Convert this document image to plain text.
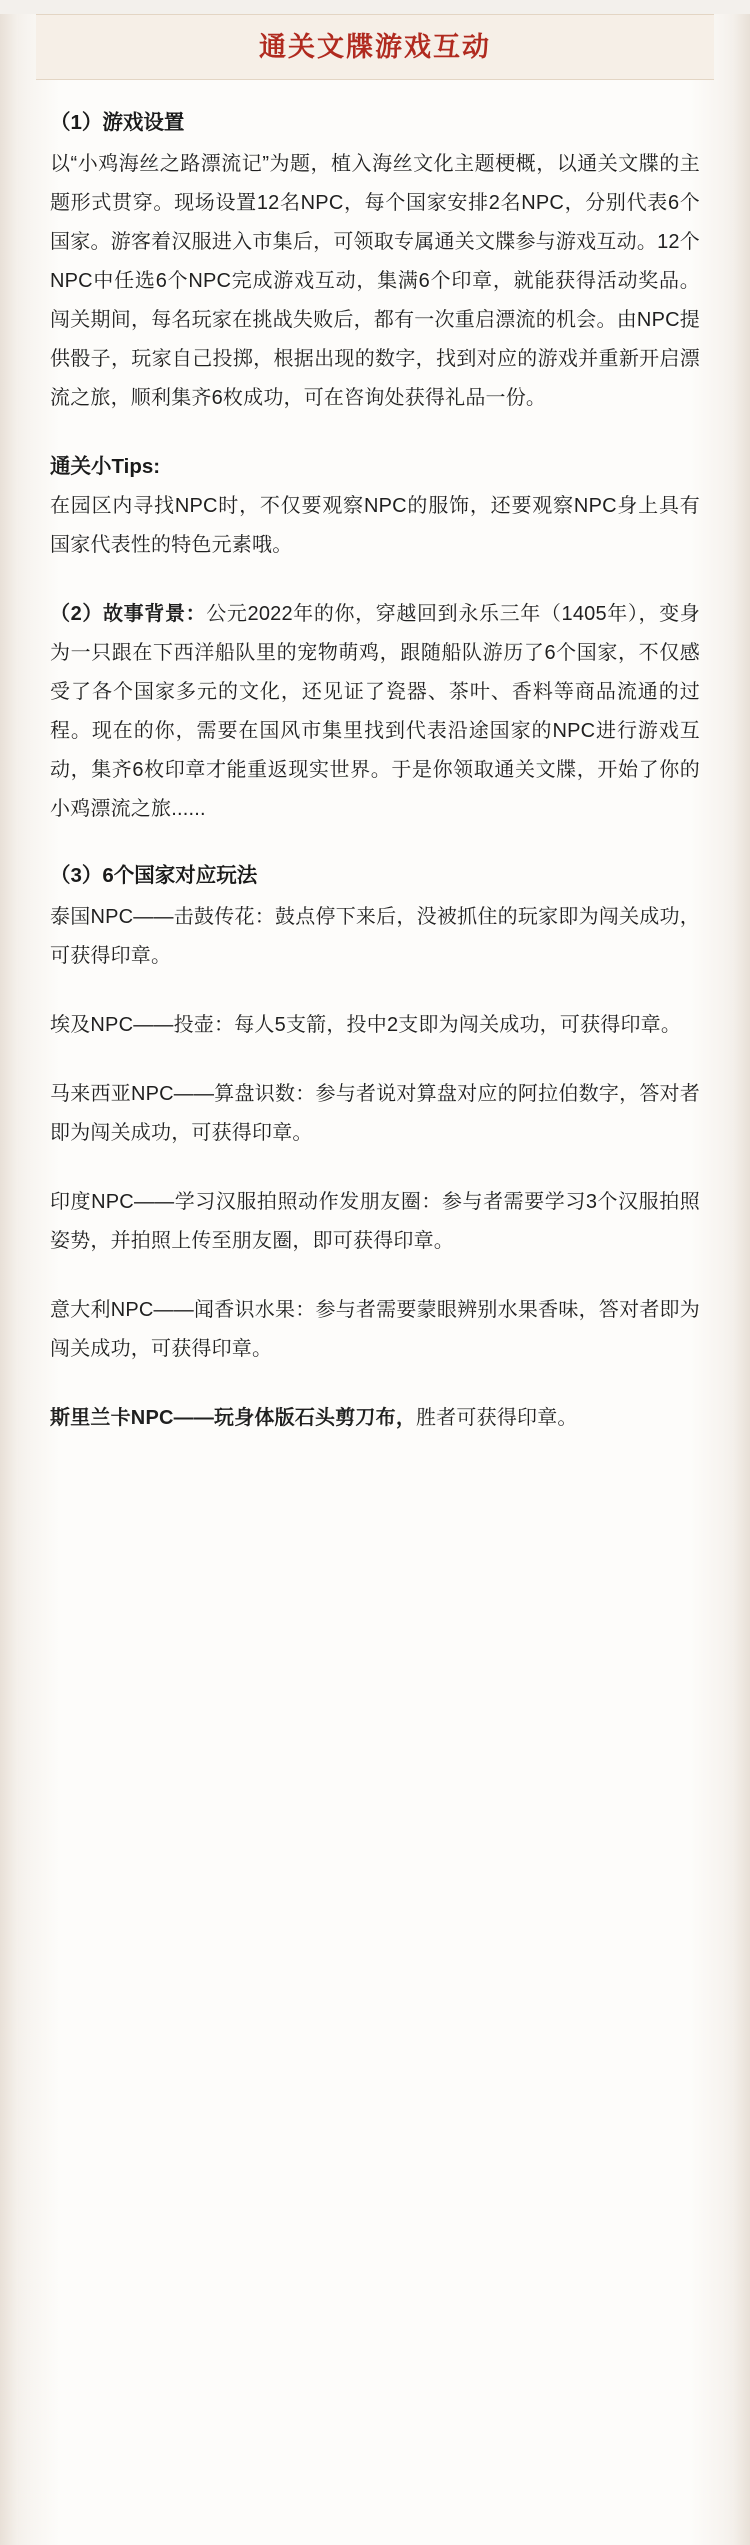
通关文牒游戏互动
（1）游戏设置

以“小鸡海丝之路漂流记”为题，植入海丝文化主题梗概，以通关文牒的主题形式贯穿。现场设置12名NPC，每个国家安排2名NPC，分别代表6个国家。游客着汉服进入市集后，可领取专属通关文牒参与游戏互动。12个NPC中任选6个NPC完成游戏互动，集满6个印章，就能获得活动奖品。闯关期间，每名玩家在挑战失败后，都有一次重启漂流的机会。由NPC提供骰子，玩家自己投掷，根据出现的数字，找到对应的游戏并重新开启漂流之旅，顺利集齐6枚成功，可在咨询处获得礼品一份。

通关小Tips:

在园区内寻找NPC时，不仅要观察NPC的服饰，还要观察NPC身上具有国家代表性的特色元素哦。

（2）故事背景：公元2022年的你，穿越回到永乐三年（1405年），变身为一只跟在下西洋船队里的宠物萌鸡，跟随船队游历了6个国家，不仅感受了各个国家多元的文化，还见证了瓷器、茶叶、香料等商品流通的过程。现在的你，需要在国风市集里找到代表沿途国家的NPC进行游戏互动，集齐6枚印章才能重返现实世界。于是你领取通关文牒，开始了你的小鸡漂流之旅......

（3）6个国家对应玩法

泰国NPC——击鼓传花：鼓点停下来后，没被抓住的玩家即为闯关成功，可获得印章。

埃及NPC——投壶：每人5支箭，投中2支即为闯关成功，可获得印章。

马来西亚NPC——算盘识数：参与者说对算盘对应的阿拉伯数字，答对者即为闯关成功，可获得印章。

印度NPC——学习汉服拍照动作发朋友圈：参与者需要学习3个汉服拍照姿势，并拍照上传至朋友圈，即可获得印章。

意大利NPC——闻香识水果：参与者需要蒙眼辨别水果香味，答对者即为闯关成功，可获得印章。

斯里兰卡NPC——玩身体版石头剪刀布，胜者可获得印章。
